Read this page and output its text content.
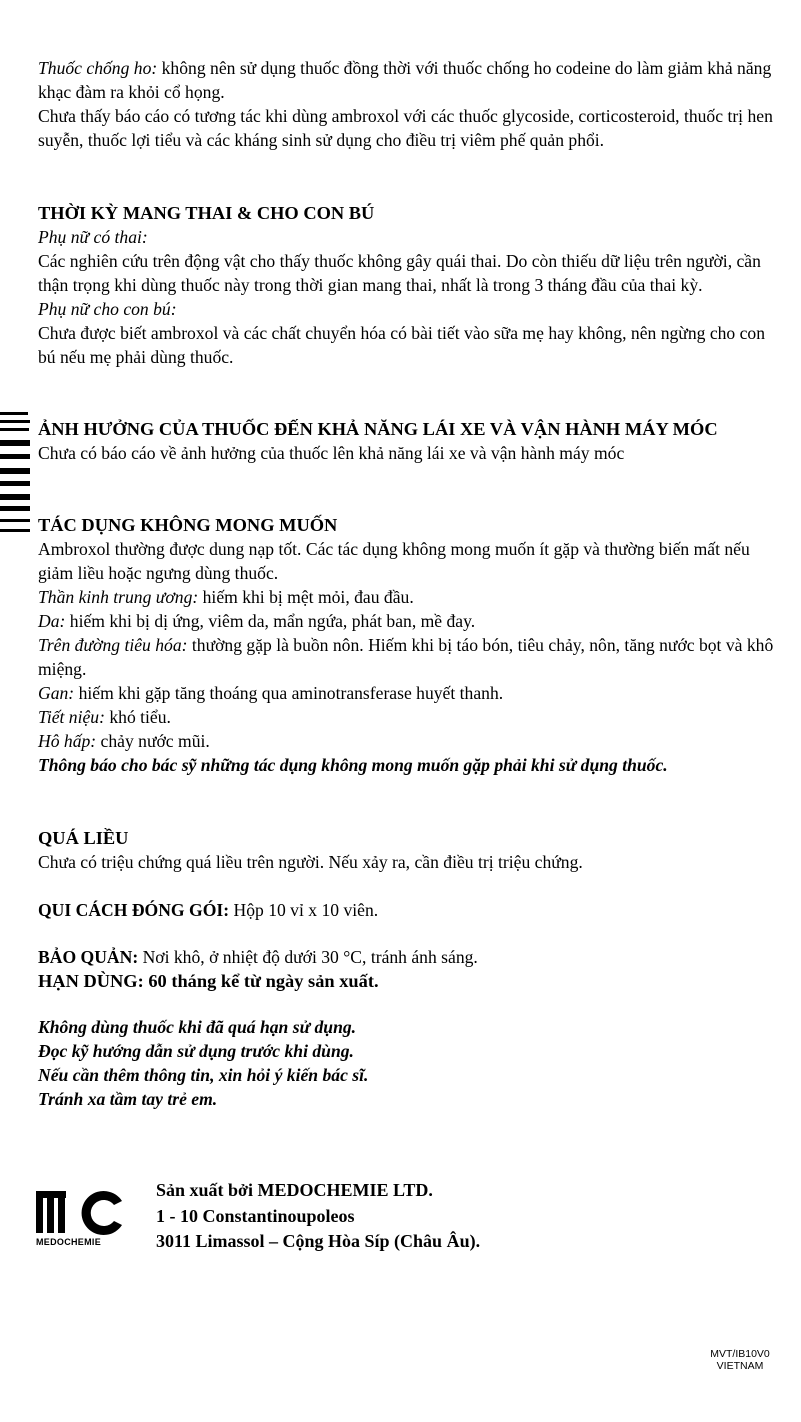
Thuốc chống ho: không nên sử dụng thuốc đồng thời với thuốc chống ho codeine do làm giảm khả năng khạc đàm ra khỏi cổ họng.

Chưa thấy báo cáo có tương tác khi dùng ambroxol với các thuốc glycoside, corticosteroid, thuốc trị hen suyễn, thuốc lợi tiểu và các kháng sinh sử dụng cho điều trị viêm phế quản phổi.

THỜI KỲ MANG THAI & CHO CON BÚ

Phụ nữ có thai:

Các nghiên cứu trên động vật cho thấy thuốc không gây quái thai. Do còn thiếu dữ liệu trên người, cần thận trọng khi dùng thuốc này trong thời gian mang thai, nhất là trong 3 tháng đầu của thai kỳ.

Phụ nữ cho con bú:

Chưa được biết ambroxol và các chất chuyển hóa có bài tiết vào sữa mẹ hay không, nên ngừng cho con bú nếu mẹ phải dùng thuốc.

ẢNH HƯỞNG CỦA THUỐC ĐẾN KHẢ NĂNG LÁI XE VÀ VẬN HÀNH MÁY MÓC

Chưa có báo cáo về ảnh hưởng của thuốc lên khả năng lái xe và vận hành máy móc

TÁC DỤNG KHÔNG MONG MUỐN

Ambroxol thường được dung nạp tốt. Các tác dụng không mong muốn ít gặp và thường biến mất nếu giảm liều hoặc ngưng dùng thuốc.

Thần kinh trung ương: hiếm khi bị mệt mỏi, đau đầu.

Da: hiếm khi bị dị ứng, viêm da, mẩn ngứa, phát ban, mề đay.

Trên đường tiêu hóa: thường gặp là buồn nôn. Hiếm khi bị táo bón, tiêu chảy, nôn, tăng nước bọt và khô miệng.

Gan: hiếm khi gặp tăng thoáng qua aminotransferase huyết thanh.

Tiết niệu: khó tiểu.

Hô hấp: chảy nước mũi.

Thông báo cho bác sỹ những tác dụng không mong muốn gặp phải khi sử dụng thuốc.

QUÁ LIỀU

Chưa có triệu chứng quá liều trên người. Nếu xảy ra, cần điều trị triệu chứng.

QUI CÁCH ĐÓNG GÓI: Hộp 10 vỉ x 10 viên.

BẢO QUẢN: Nơi khô, ở nhiệt độ dưới 30 °C, tránh ánh sáng.

HẠN DÙNG: 60 tháng kể từ ngày sản xuất.

Không dùng thuốc khi đã quá hạn sử dụng.

Đọc kỹ hướng dẫn sử dụng trước khi dùng.

Nếu cần thêm thông tin, xin hỏi ý kiến bác sĩ.

Tránh xa tầm tay trẻ em.

MEDOCHEMIE
Sản xuất bởi MEDOCHEMIE LTD.
1 - 10 Constantinoupoleos
3011 Limassol – Cộng Hòa Síp (Châu Âu).
MVT/IB10V0
VIETNAM
